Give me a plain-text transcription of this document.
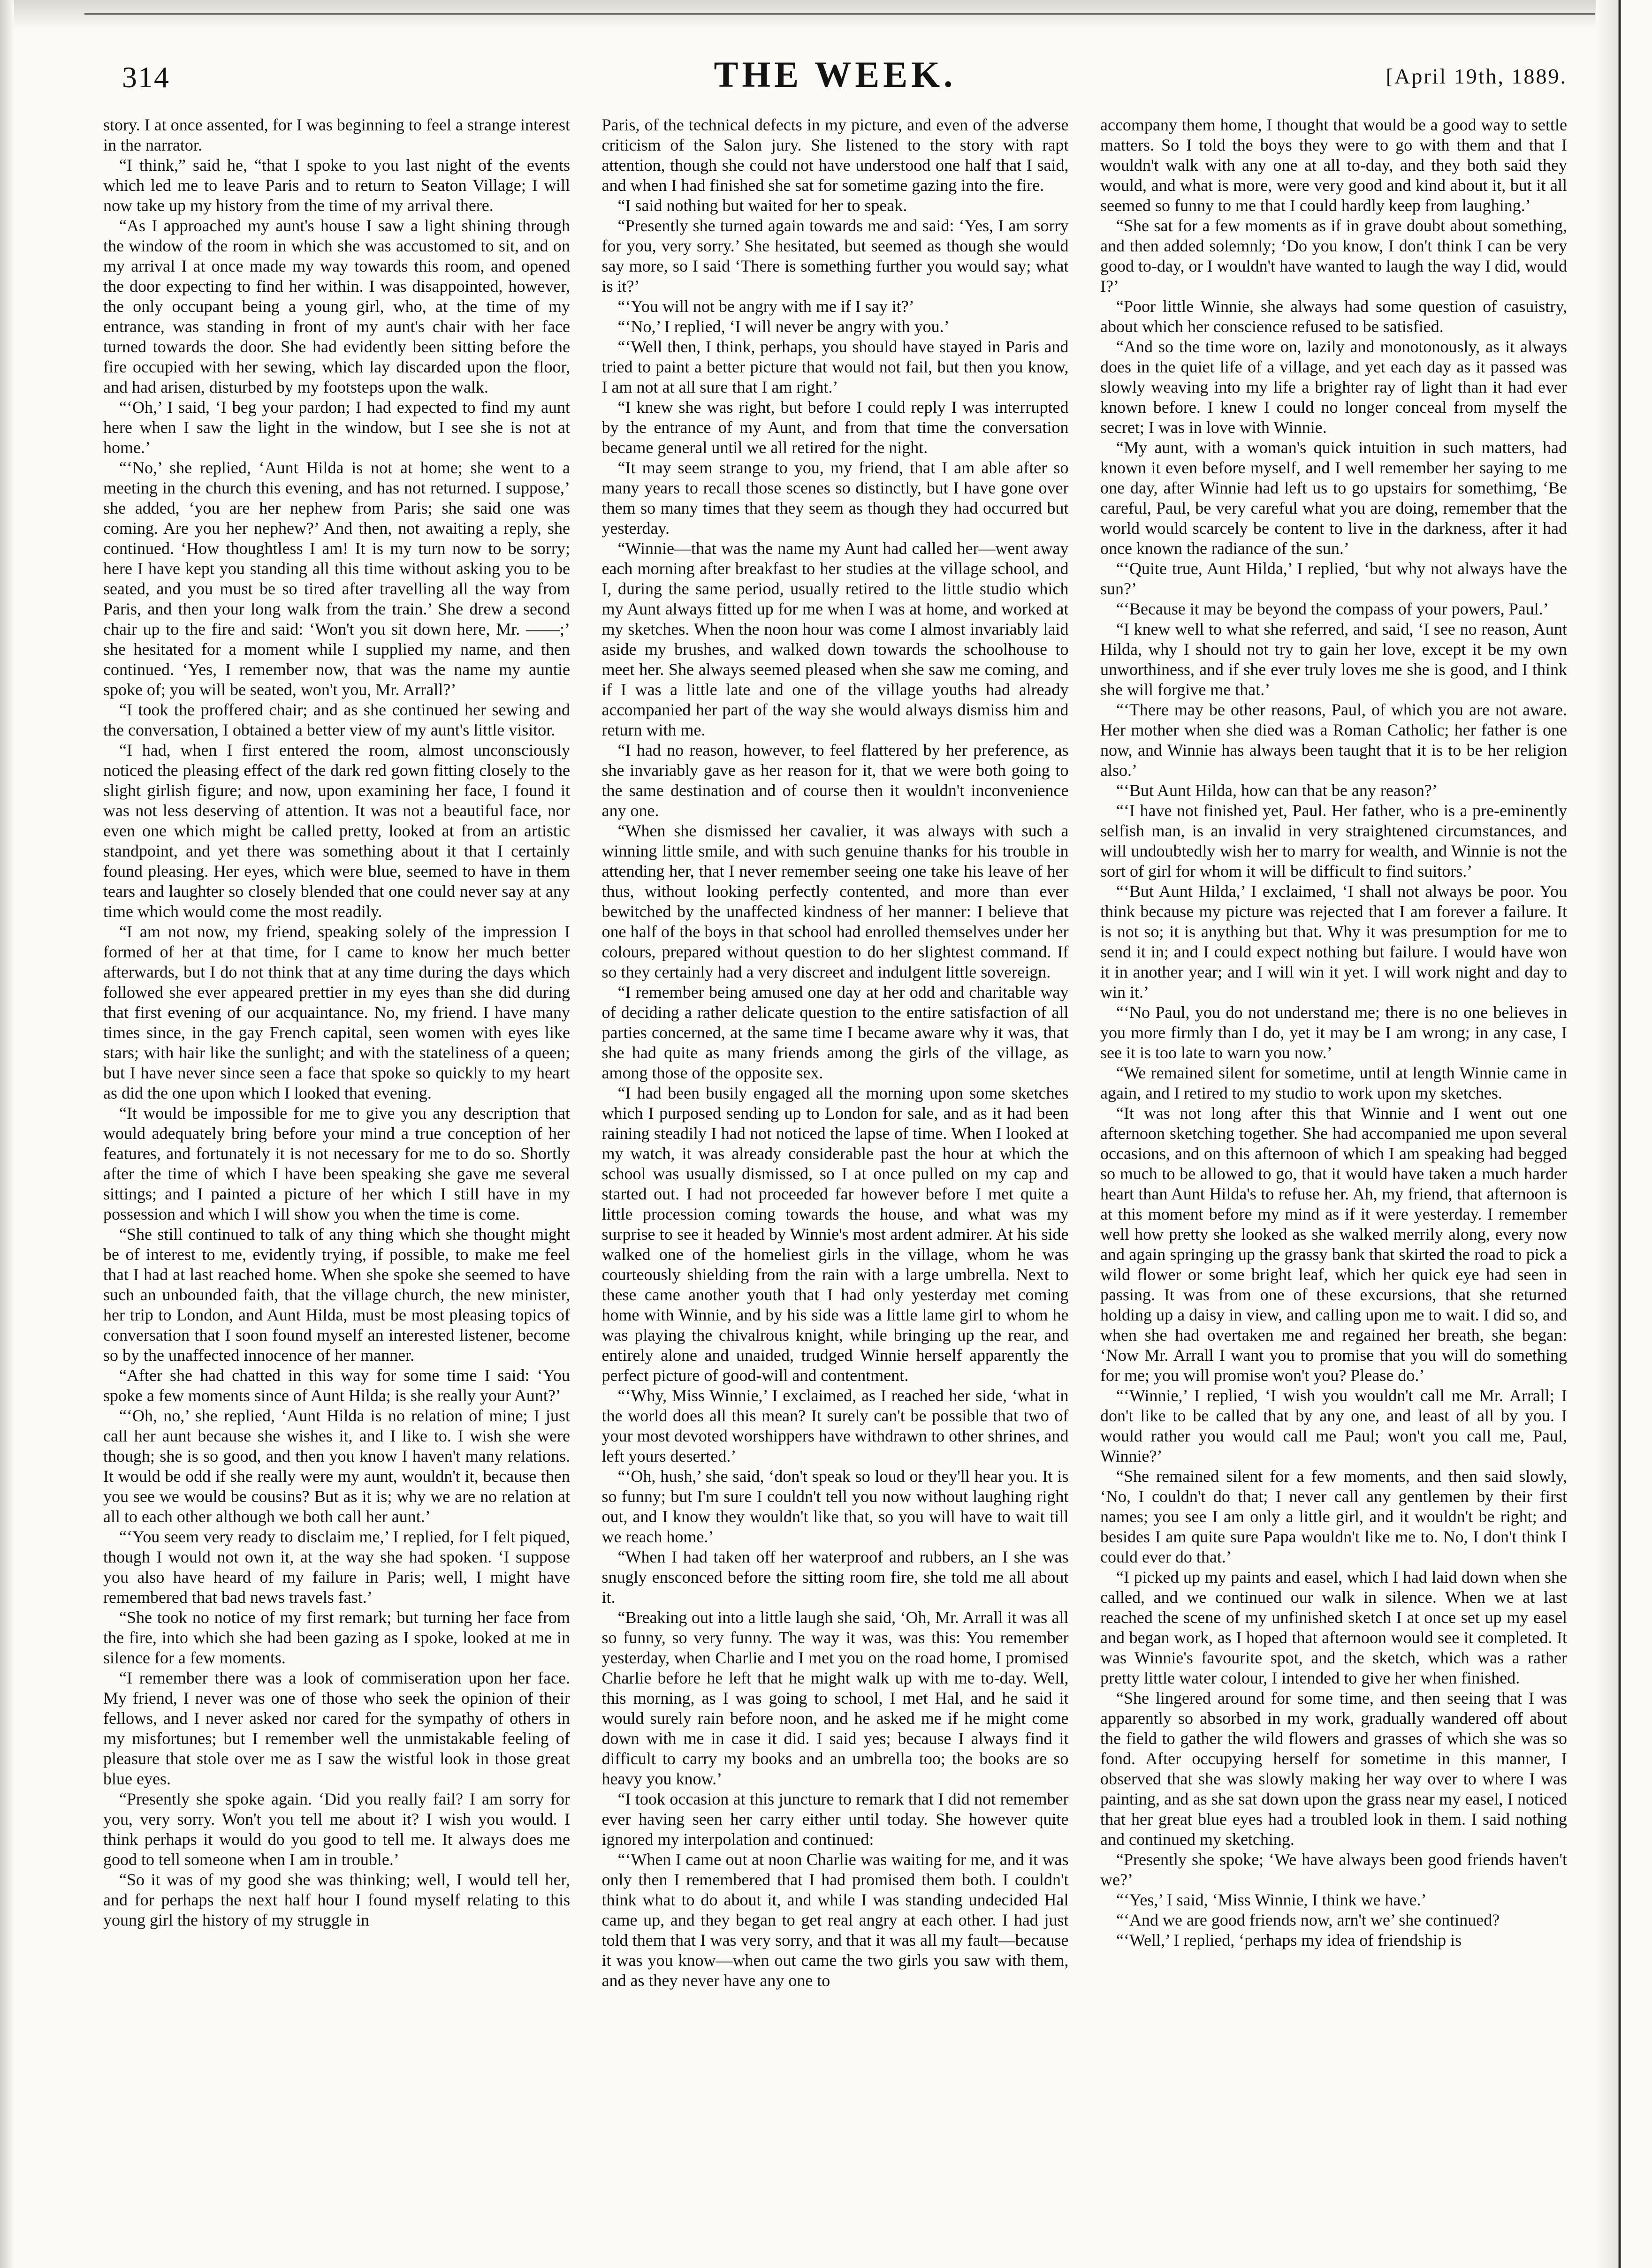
314	THE WEEK.	[April 19th, 1889.

story. I at once assented, for I was beginning to feel a strange interest in the narrator.

“I think,” said he, “that I spoke to you last night of the events which led me to leave Paris and to return to Seaton Village; I will now take up my history from the time of my arrival there.

“As I approached my aunt's house I saw a light shining through the window of the room in which she was accustomed to sit, and on my arrival I at once made my way towards this room, and opened the door expecting to find her within. I was disappointed, however, the only occupant being a young girl, who, at the time of my entrance, was standing in front of my aunt's chair with her face turned towards the door. She had evidently been sitting before the fire occupied with her sewing, which lay discarded upon the floor, and had arisen, disturbed by my footsteps upon the walk.

“‘Oh,’ I said, ‘I beg your pardon; I had expected to find my aunt here when I saw the light in the window, but I see she is not at home.’

“‘No,’ she replied, ‘Aunt Hilda is not at home; she went to a meeting in the church this evening, and has not returned. I suppose,’ she added, ‘you are her nephew from Paris; she said one was coming. Are you her nephew?’ And then, not awaiting a reply, she continued. ‘How thoughtless I am! It is my turn now to be sorry; here I have kept you standing all this time without asking you to be seated, and you must be so tired after travelling all the way from Paris, and then your long walk from the train.’ She drew a second chair up to the fire and said: ‘Won't you sit down here, Mr. ——;’ she hesitated for a moment while I supplied my name, and then continued. ‘Yes, I remember now, that was the name my auntie spoke of; you will be seated, won't you, Mr. Arrall?’

“I took the proffered chair; and as she continued her sewing and the conversation, I obtained a better view of my aunt's little visitor.

“I had, when I first entered the room, almost unconsciously noticed the pleasing effect of the dark red gown fitting closely to the slight girlish figure; and now, upon examining her face, I found it was not less deserving of attention. It was not a beautiful face, nor even one which might be called pretty, looked at from an artistic standpoint, and yet there was something about it that I certainly found pleasing. Her eyes, which were blue, seemed to have in them tears and laughter so closely blended that one could never say at any time which would come the most readily.

“I am not now, my friend, speaking solely of the impression I formed of her at that time, for I came to know her much better afterwards, but I do not think that at any time during the days which followed she ever appeared prettier in my eyes than she did during that first evening of our acquaintance. No, my friend. I have many times since, in the gay French capital, seen women with eyes like stars; with hair like the sunlight; and with the stateliness of a queen; but I have never since seen a face that spoke so quickly to my heart as did the one upon which I looked that evening.

“It would be impossible for me to give you any description that would adequately bring before your mind a true conception of her features, and fortunately it is not necessary for me to do so. Shortly after the time of which I have been speaking she gave me several sittings; and I painted a picture of her which I still have in my possession and which I will show you when the time is come.

“She still continued to talk of any thing which she thought might be of interest to me, evidently trying, if possible, to make me feel that I had at last reached home. When she spoke she seemed to have such an unbounded faith, that the village church, the new minister, her trip to London, and Aunt Hilda, must be most pleasing topics of conversation that I soon found myself an interested listener, become so by the unaffected innocence of her manner.

“After she had chatted in this way for some time I said: ‘You spoke a few moments since of Aunt Hilda; is she really your Aunt?’

“‘Oh, no,’ she replied, ‘Aunt Hilda is no relation of mine; I just call her aunt because she wishes it, and I like to. I wish she were though; she is so good, and then you know I haven't many relations. It would be odd if she really were my aunt, wouldn't it, because then you see we would be cousins? But as it is; why we are no relation at all to each other although we both call her aunt.’

“‘You seem very ready to disclaim me,’ I replied, for I felt piqued, though I would not own it, at the way she had spoken. ‘I suppose you also have heard of my failure in Paris; well, I might have remembered that bad news travels fast.’

“She took no notice of my first remark; but turning her face from the fire, into which she had been gazing as I spoke, looked at me in silence for a few moments.

“I remember there was a look of commiseration upon her face. My friend, I never was one of those who seek the opinion of their fellows, and I never asked nor cared for the sympathy of others in my misfortunes; but I remember well the unmistakable feeling of pleasure that stole over me as I saw the wistful look in those great blue eyes.

“Presently she spoke again. ‘Did you really fail? I am sorry for you, very sorry. Won't you tell me about it? I wish you would. I think perhaps it would do you good to tell me. It always does me good to tell someone when I am in trouble.’

“So it was of my good she was thinking; well, I would tell her, and for perhaps the next half hour I found myself relating to this young girl the history of my struggle in

Paris, of the technical defects in my picture, and even of the adverse criticism of the Salon jury. She listened to the story with rapt attention, though she could not have understood one half that I said, and when I had finished she sat for sometime gazing into the fire.

“I said nothing but waited for her to speak.

“Presently she turned again towards me and said: ‘Yes, I am sorry for you, very sorry.’ She hesitated, but seemed as though she would say more, so I said ‘There is something further you would say; what is it?’

“‘You will not be angry with me if I say it?’

“‘No,’ I replied, ‘I will never be angry with you.’

“‘Well then, I think, perhaps, you should have stayed in Paris and tried to paint a better picture that would not fail, but then you know, I am not at all sure that I am right.’

“I knew she was right, but before I could reply I was interrupted by the entrance of my Aunt, and from that time the conversation became general until we all retired for the night.

“It may seem strange to you, my friend, that I am able after so many years to recall those scenes so distinctly, but I have gone over them so many times that they seem as though they had occurred but yesterday.

“Winnie—that was the name my Aunt had called her—went away each morning after breakfast to her studies at the village school, and I, during the same period, usually retired to the little studio which my Aunt always fitted up for me when I was at home, and worked at my sketches. When the noon hour was come I almost invariably laid aside my brushes, and walked down towards the schoolhouse to meet her. She always seemed pleased when she saw me coming, and if I was a little late and one of the village youths had already accompanied her part of the way she would always dismiss him and return with me.

“I had no reason, however, to feel flattered by her preference, as she invariably gave as her reason for it, that we were both going to the same destination and of course then it wouldn't inconvenience any one.

“When she dismissed her cavalier, it was always with such a winning little smile, and with such genuine thanks for his trouble in attending her, that I never remember seeing one take his leave of her thus, without looking perfectly contented, and more than ever bewitched by the unaffected kindness of her manner: I believe that one half of the boys in that school had enrolled themselves under her colours, prepared without question to do her slightest command. If so they certainly had a very discreet and indulgent little sovereign.

“I remember being amused one day at her odd and charitable way of deciding a rather delicate question to the entire satisfaction of all parties concerned, at the same time I became aware why it was, that she had quite as many friends among the girls of the village, as among those of the opposite sex.

“I had been busily engaged all the morning upon some sketches which I purposed sending up to London for sale, and as it had been raining steadily I had not noticed the lapse of time. When I looked at my watch, it was already considerable past the hour at which the school was usually dismissed, so I at once pulled on my cap and started out. I had not proceeded far however before I met quite a little procession coming towards the house, and what was my surprise to see it headed by Winnie's most ardent admirer. At his side walked one of the homeliest girls in the village, whom he was courteously shielding from the rain with a large umbrella. Next to these came another youth that I had only yesterday met coming home with Winnie, and by his side was a little lame girl to whom he was playing the chivalrous knight, while bringing up the rear, and entirely alone and unaided, trudged Winnie herself apparently the perfect picture of good-will and contentment.

“‘Why, Miss Winnie,’ I exclaimed, as I reached her side, ‘what in the world does all this mean? It surely can't be possible that two of your most devoted worshippers have withdrawn to other shrines, and left yours deserted.’

“‘Oh, hush,’ she said, ‘don't speak so loud or they'll hear you. It is so funny; but I'm sure I couldn't tell you now without laughing right out, and I know they wouldn't like that, so you will have to wait till we reach home.’

“When I had taken off her waterproof and rubbers, an I she was snugly ensconced before the sitting room fire, she told me all about it.

“Breaking out into a little laugh she said, ‘Oh, Mr. Arrall it was all so funny, so very funny. The way it was, was this: You remember yesterday, when Charlie and I met you on the road home, I promised Charlie before he left that he might walk up with me to-day. Well, this morning, as I was going to school, I met Hal, and he said it would surely rain before noon, and he asked me if he might come down with me in case it did. I said yes; because I always find it difficult to carry my books and an umbrella too; the books are so heavy you know.’

“I took occasion at this juncture to remark that I did not remember ever having seen her carry either until today. She however quite ignored my interpolation and continued:

“‘When I came out at noon Charlie was waiting for me, and it was only then I remembered that I had promised them both. I couldn't think what to do about it, and while I was standing undecided Hal came up, and they began to get real angry at each other. I had just told them that I was very sorry, and that it was all my fault—because it was you know—when out came the two girls you saw with them, and as they never have any one to

accompany them home, I thought that would be a good way to settle matters. So I told the boys they were to go with them and that I wouldn't walk with any one at all to-day, and they both said they would, and what is more, were very good and kind about it, but it all seemed so funny to me that I could hardly keep from laughing.’

“She sat for a few moments as if in grave doubt about something, and then added solemnly; ‘Do you know, I don't think I can be very good to-day, or I wouldn't have wanted to laugh the way I did, would I?’

“Poor little Winnie, she always had some question of casuistry, about which her conscience refused to be satisfied.

“And so the time wore on, lazily and monotonously, as it always does in the quiet life of a village, and yet each day as it passed was slowly weaving into my life a brighter ray of light than it had ever known before. I knew I could no longer conceal from myself the secret; I was in love with Winnie.

“My aunt, with a woman's quick intuition in such matters, had known it even before myself, and I well remember her saying to me one day, after Winnie had left us to go upstairs for somethimg, ‘Be careful, Paul, be very careful what you are doing, remember that the world would scarcely be content to live in the darkness, after it had once known the radiance of the sun.’

“‘Quite true, Aunt Hilda,’ I replied, ‘but why not always have the sun?’

“‘Because it may be beyond the compass of your powers, Paul.’

“I knew well to what she referred, and said, ‘I see no reason, Aunt Hilda, why I should not try to gain her love, except it be my own unworthiness, and if she ever truly loves me she is good, and I think she will forgive me that.’

“‘There may be other reasons, Paul, of which you are not aware. Her mother when she died was a Roman Catholic; her father is one now, and Winnie has always been taught that it is to be her religion also.’

“‘But Aunt Hilda, how can that be any reason?’

“‘I have not finished yet, Paul. Her father, who is a pre-eminently selfish man, is an invalid in very straightened circumstances, and will undoubtedly wish her to marry for wealth, and Winnie is not the sort of girl for whom it will be difficult to find suitors.’

“‘But Aunt Hilda,’ I exclaimed, ‘I shall not always be poor. You think because my picture was rejected that I am forever a failure. It is not so; it is anything but that. Why it was presumption for me to send it in; and I could expect nothing but failure. I would have won it in another year; and I will win it yet. I will work night and day to win it.’

“‘No Paul, you do not understand me; there is no one believes in you more firmly than I do, yet it may be I am wrong; in any case, I see it is too late to warn you now.’

“We remained silent for sometime, until at length Winnie came in again, and I retired to my studio to work upon my sketches.

“It was not long after this that Winnie and I went out one afternoon sketching together. She had accompanied me upon several occasions, and on this afternoon of which I am speaking had begged so much to be allowed to go, that it would have taken a much harder heart than Aunt Hilda's to refuse her. Ah, my friend, that afternoon is at this moment before my mind as if it were yesterday. I remember well how pretty she looked as she walked merrily along, every now and again springing up the grassy bank that skirted the road to pick a wild flower or some bright leaf, which her quick eye had seen in passing. It was from one of these excursions, that she returned holding up a daisy in view, and calling upon me to wait. I did so, and when she had overtaken me and regained her breath, she began: ‘Now Mr. Arrall I want you to promise that you will do something for me; you will promise won't you? Please do.’

“‘Winnie,’ I replied, ‘I wish you wouldn't call me Mr. Arrall; I don't like to be called that by any one, and least of all by you. I would rather you would call me Paul; won't you call me, Paul, Winnie?’

“She remained silent for a few moments, and then said slowly, ‘No, I couldn't do that; I never call any gentlemen by their first names; you see I am only a little girl, and it wouldn't be right; and besides I am quite sure Papa wouldn't like me to. No, I don't think I could ever do that.’

“I picked up my paints and easel, which I had laid down when she called, and we continued our walk in silence. When we at last reached the scene of my unfinished sketch I at once set up my easel and began work, as I hoped that afternoon would see it completed. It was Winnie's favourite spot, and the sketch, which was a rather pretty little water colour, I intended to give her when finished.

“She lingered around for some time, and then seeing that I was apparently so absorbed in my work, gradually wandered off about the field to gather the wild flowers and grasses of which she was so fond. After occupying herself for sometime in this manner, I observed that she was slowly making her way over to where I was painting, and as she sat down upon the grass near my easel, I noticed that her great blue eyes had a troubled look in them. I said nothing and continued my sketching.

“Presently she spoke; ‘We have always been good friends haven't we?’

“‘Yes,’ I said, ‘Miss Winnie, I think we have.’

“‘And we are good friends now, arn't we’ she continued?

“‘Well,’ I replied, ‘perhaps my idea of friendship is
